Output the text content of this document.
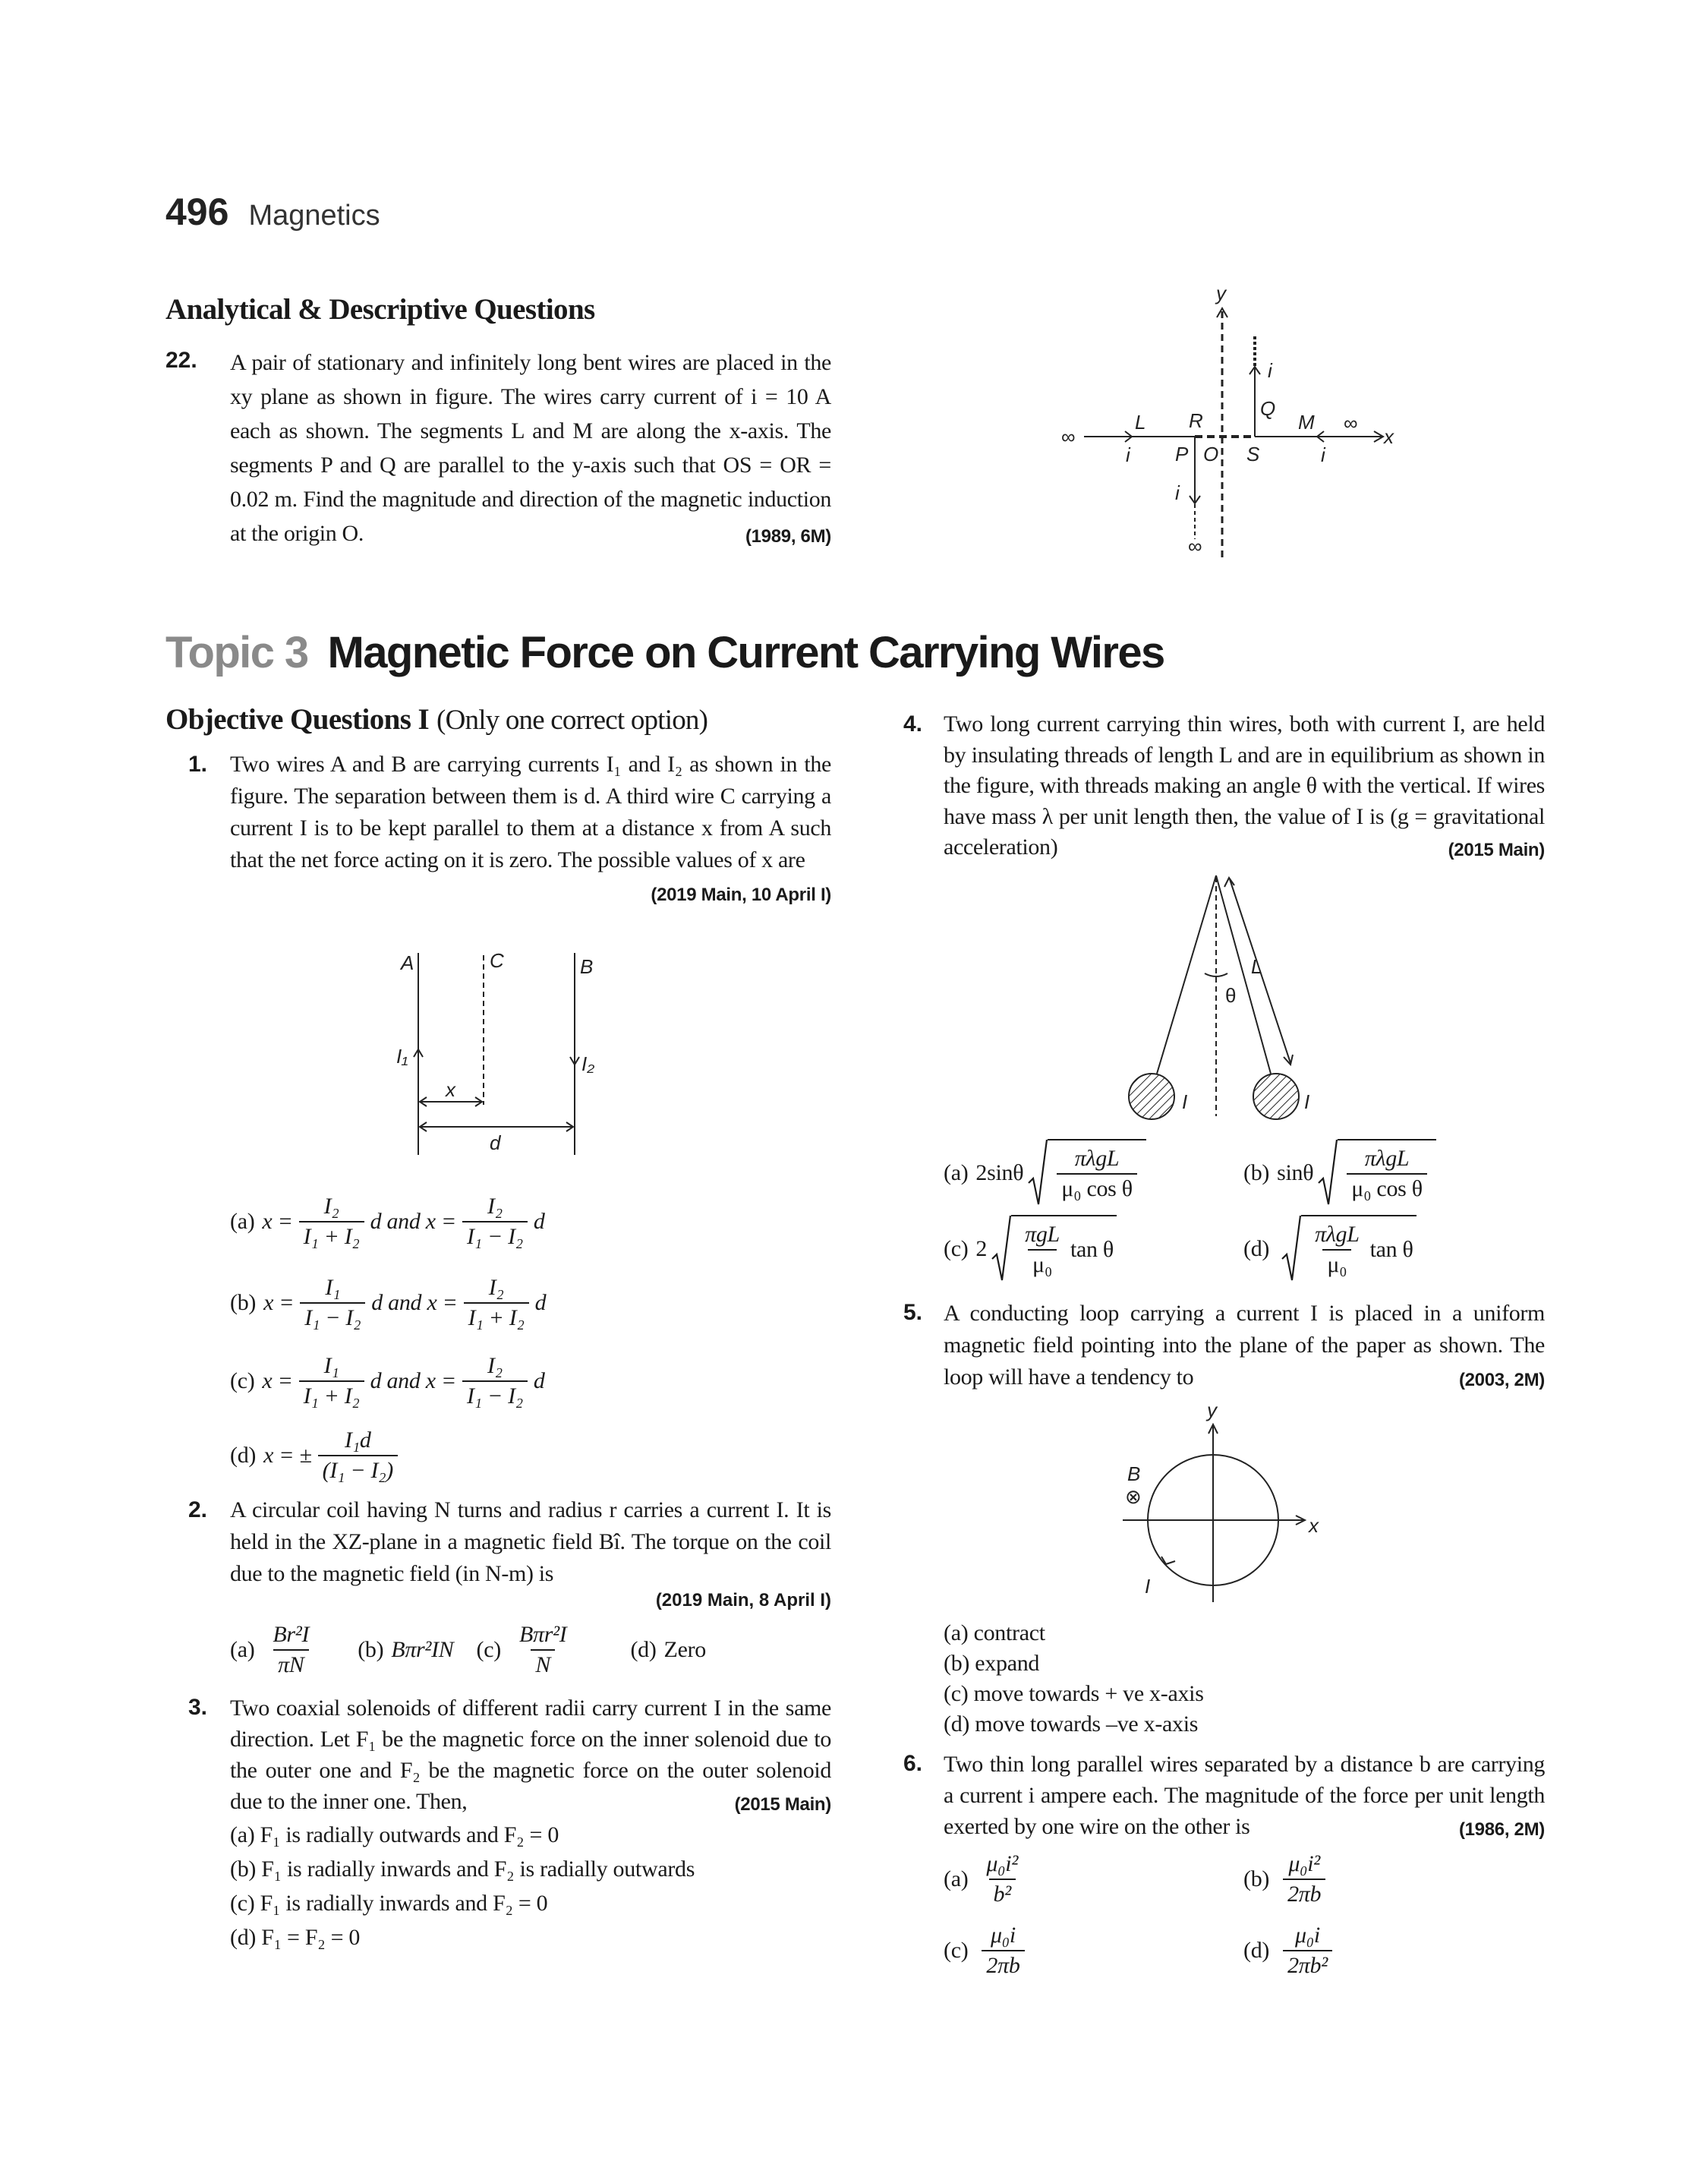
496 Magnetics
Analytical & Descriptive Questions
22. A pair of stationary and infinitely long bent wires are placed in the xy plane as shown in figure. The wires carry current of i = 10 A each as shown. The segments L and M are along the x-axis. The segments P and Q are parallel to the y-axis such that OS = OR = 0.02 m. Find the magnitude and direction of the magnetic induction at the origin O.	(1989, 6M)
Topic 3 Magnetic Force on Current Carrying Wires
Objective Questions I (Only one correct option)
1. Two wires A and B are carrying currents I₁ and I₂ as shown in the figure. The separation between them is d. A third wire C carrying a current I is to be kept parallel to them at a distance x from A such that the net force acting on it is zero. The possible values of x are
(2019 Main, 10 April I)
(a) $x = \frac{\text{I₂}}{\text{I₁ + I₂}}$ d and $x = \frac{\text{I₂}}{\text{I₁ − I₂}}$ d
(b) $x = \frac{\text{I₁}}{\text{I₁ − I₂}}$ d and $x = \frac{\text{I₂}}{\text{I₁ + I₂}}$ d
(c) $x = \frac{\text{I₁}}{\text{I₁ + I₂}}$ d and $x = \frac{\text{I₂}}{\text{I₁ − I₂}}$ d
(d) x = ± $\frac{\text{I₁d}}{\text{(I₁ − I₂)}}$
2. A circular coil having N turns and radius r carries a current I. It is held in the XZ-plane in a magnetic field Bî. The torque on the coil due to the magnetic field (in N-m) is
(2019 Main, 8 April I)
$(a) \frac{\text{Br²I}}{\pi N} (b)$ Bπr²IN $(c) \frac{\text{Bπr²I}}{N}$	(d) Zero
3. Two coaxial solenoids of different radii carry current I in the same direction. Let F₁ be the magnetic force on the inner solenoid due to the outer one and F₂ be the magnetic force on the outer solenoid due to the inner one. Then,	(2015 Main)
(a) F₁ is radially outwards and F₂ = 0
(b) F₁ is radially inwards and F₂ is radially outwards
(c) F₁ is radially inwards and F₂ = 0
(d) F₁ = F₂ = 0
4. Two long current carrying thin wires, both with current I, are held by insulating threads of length L and are in equilibrium as shown in the figure, with threads making an angle θ with the vertical. If wires have mass λ per unit length then, the value of I is (g = gravitational acceleration)	(2015 Main)
(a) $2\sin\theta \frac{\text{πλgL}}{\text{μ₀ cos θ}}$	(b) sinθ $\frac{\text{πλgL}}{\text{μ₀ cos θ}}$
(c) $2 \frac{\text{πgL}}{\text{μ₀}}$ tan θ	$(d) \frac{\text{πλgL}}{\text{μ₀}}$ tan θ
5. A conducting loop carrying a current I is placed in a uniform magnetic field pointing into the plane of the paper as shown. The loop will have a tendency to	(2003, 2M)
(a) contract
(b) expand
(c) move towards + ve x-axis
(d) move towards –ve x-axis
6. Two thin long parallel wires separated by a distance b are carrying a current i ampere each. The magnitude of the force per unit length exerted by one wire on the other is	(1986, 2M)
$(a) \frac{\text{μ₀i²}}{\text{b²}}$	$(b) \frac{\text{μ₀i²}}{2\pi b}$
$(c) \frac{\text{μ₀i}}{2\pi b}$	$(d) \frac{\text{μ₀i}}{\text{2πb²}}$
y
x
i
Q
L R	M ∞
∞
i	i
P O S
i
∞
A	C	B
I₁	I₂
x
d
L
θ
I	I
y
x
B
⊗
I
